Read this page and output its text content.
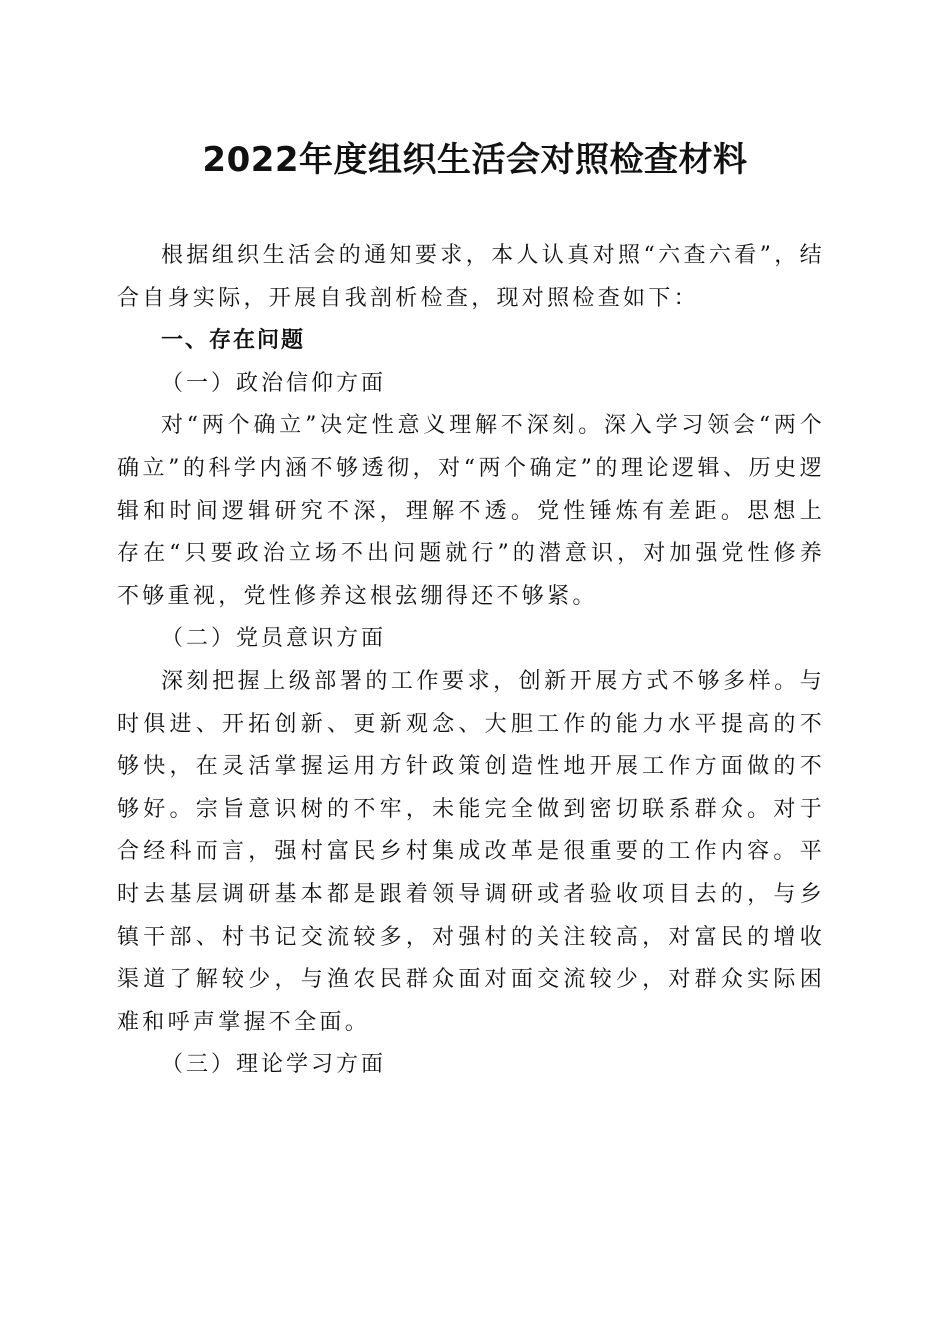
2022年度组织生活会对照检查材料

根据组织生活会的通知要求，本人认真对照“六查六看”，结合自身实际，开展自我剖析检查，现对照检查如下：

一、存在问题

（一）政治信仰方面

对“两个确立”决定性意义理解不深刻。深入学习领会“两个确立”的科学内涵不够透彻，对“两个确定”的理论逻辑、历史逻辑和时间逻辑研究不深，理解不透。党性锤炼有差距。思想上存在“只要政治立场不出问题就行”的潜意识，对加强党性修养不够重视，党性修养这根弦绷得还不够紧。

（二）党员意识方面

深刻把握上级部署的工作要求，创新开展方式不够多样。与时俱进、开拓创新、更新观念、大胆工作的能力水平提高的不够快，在灵活掌握运用方针政策创造性地开展工作方面做的不够好。宗旨意识树的不牢，未能完全做到密切联系群众。对于合经科而言，强村富民乡村集成改革是很重要的工作内容。平时去基层调研基本都是跟着领导调研或者验收项目去的，与乡镇干部、村书记交流较多，对强村的关注较高，对富民的增收渠道了解较少，与渔农民群众面对面交流较少，对群众实际困难和呼声掌握不全面。

（三）理论学习方面
